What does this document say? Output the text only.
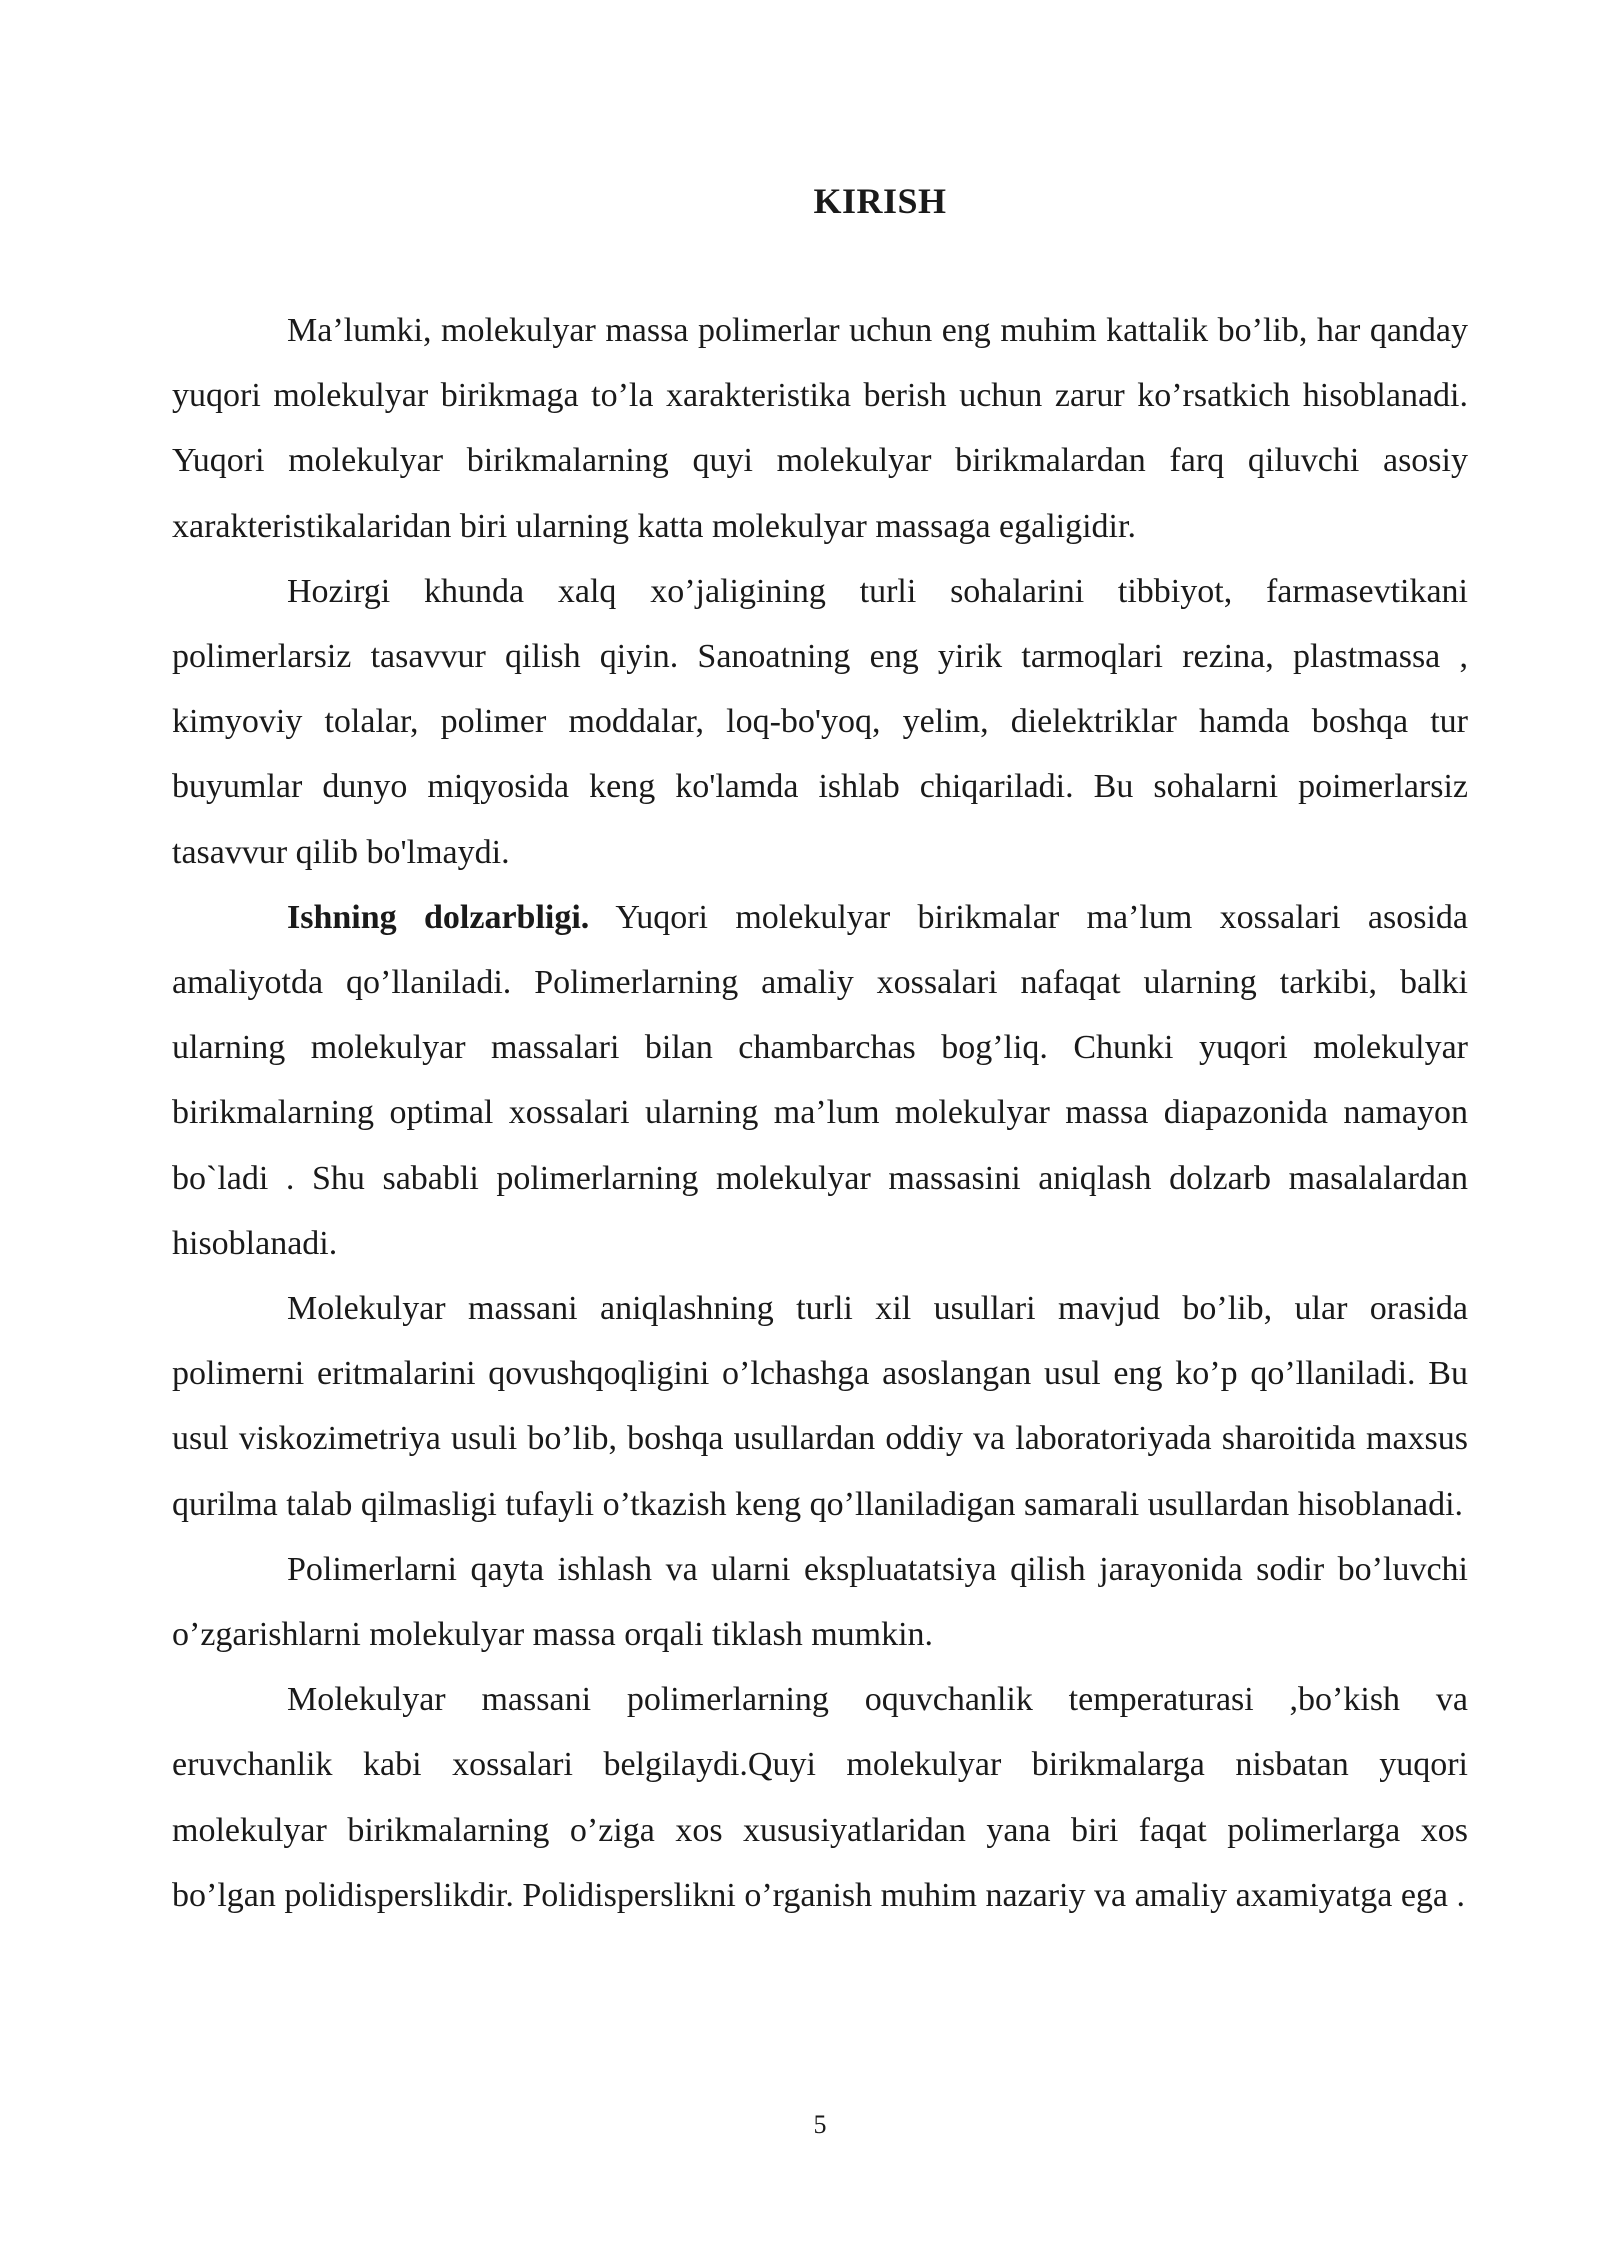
KIRISH

Ma’lumki, molekulyar massa polimerlar uchun eng muhim kattalik bo’lib, har qanday yuqori molekulyar birikmaga to’la xarakteristika berish uchun zarur ko’rsatkich hisoblanadi. Yuqori molekulyar birikmalarning quyi molekulyar birikmalardan farq qiluvchi asosiy xarakteristikalaridan biri ularning katta molekulyar massaga egaligidir.

Hozirgi khunda xalq xo’jaligining turli sohalarini tibbiyot, farmasevtikani polimerlarsiz tasavvur qilish qiyin. Sanoatning eng yirik tarmoqlari rezina, plastmassa , kimyoviy tolalar, polimer moddalar, loq-bo'yoq, yelim, dielektriklar hamda boshqa tur buyumlar dunyo miqyosida keng ko'lamda ishlab chiqariladi. Bu sohalarni poimerlarsiz tasavvur qilib bo'lmaydi.

Ishning dolzarbligi. Yuqori molekulyar birikmalar ma’lum xossalari asosida amaliyotda qo’llaniladi. Polimerlarning amaliy xossalari nafaqat ularning tarkibi, balki ularning molekulyar massalari bilan chambarchas bog’liq. Chunki yuqori molekulyar birikmalarning optimal xossalari ularning ma’lum molekulyar massa diapazonida namayon bo`ladi . Shu sababli polimerlarning molekulyar massasini aniqlash dolzarb masalalardan hisoblanadi.

Molekulyar massani aniqlashning turli xil usullari mavjud bo’lib, ular orasida polimerni eritmalarini qovushqoqligini o’lchashga asoslangan usul eng ko’p qo’llaniladi. Bu usul viskozimetriya usuli bo’lib, boshqa usullardan oddiy va laboratoriyada sharoitida maxsus qurilma talab qilmasligi tufayli o’tkazish keng qo’llaniladigan samarali usullardan hisoblanadi.

Polimerlarni qayta ishlash va ularni ekspluatatsiya qilish jarayonida sodir bo’luvchi o’zgarishlarni molekulyar massa orqali tiklash mumkin.

Molekulyar massani polimerlarning oquvchanlik temperaturasi ,bo’kish va eruvchanlik kabi xossalari belgilaydi.Quyi molekulyar birikmalarga nisbatan yuqori molekulyar birikmalarning o’ziga xos xususiyatlaridan yana biri faqat polimerlarga xos bo’lgan polidisperslikdir. Polidisperslikni o’rganish muhim nazariy va amaliy axamiyatga ega .

5
